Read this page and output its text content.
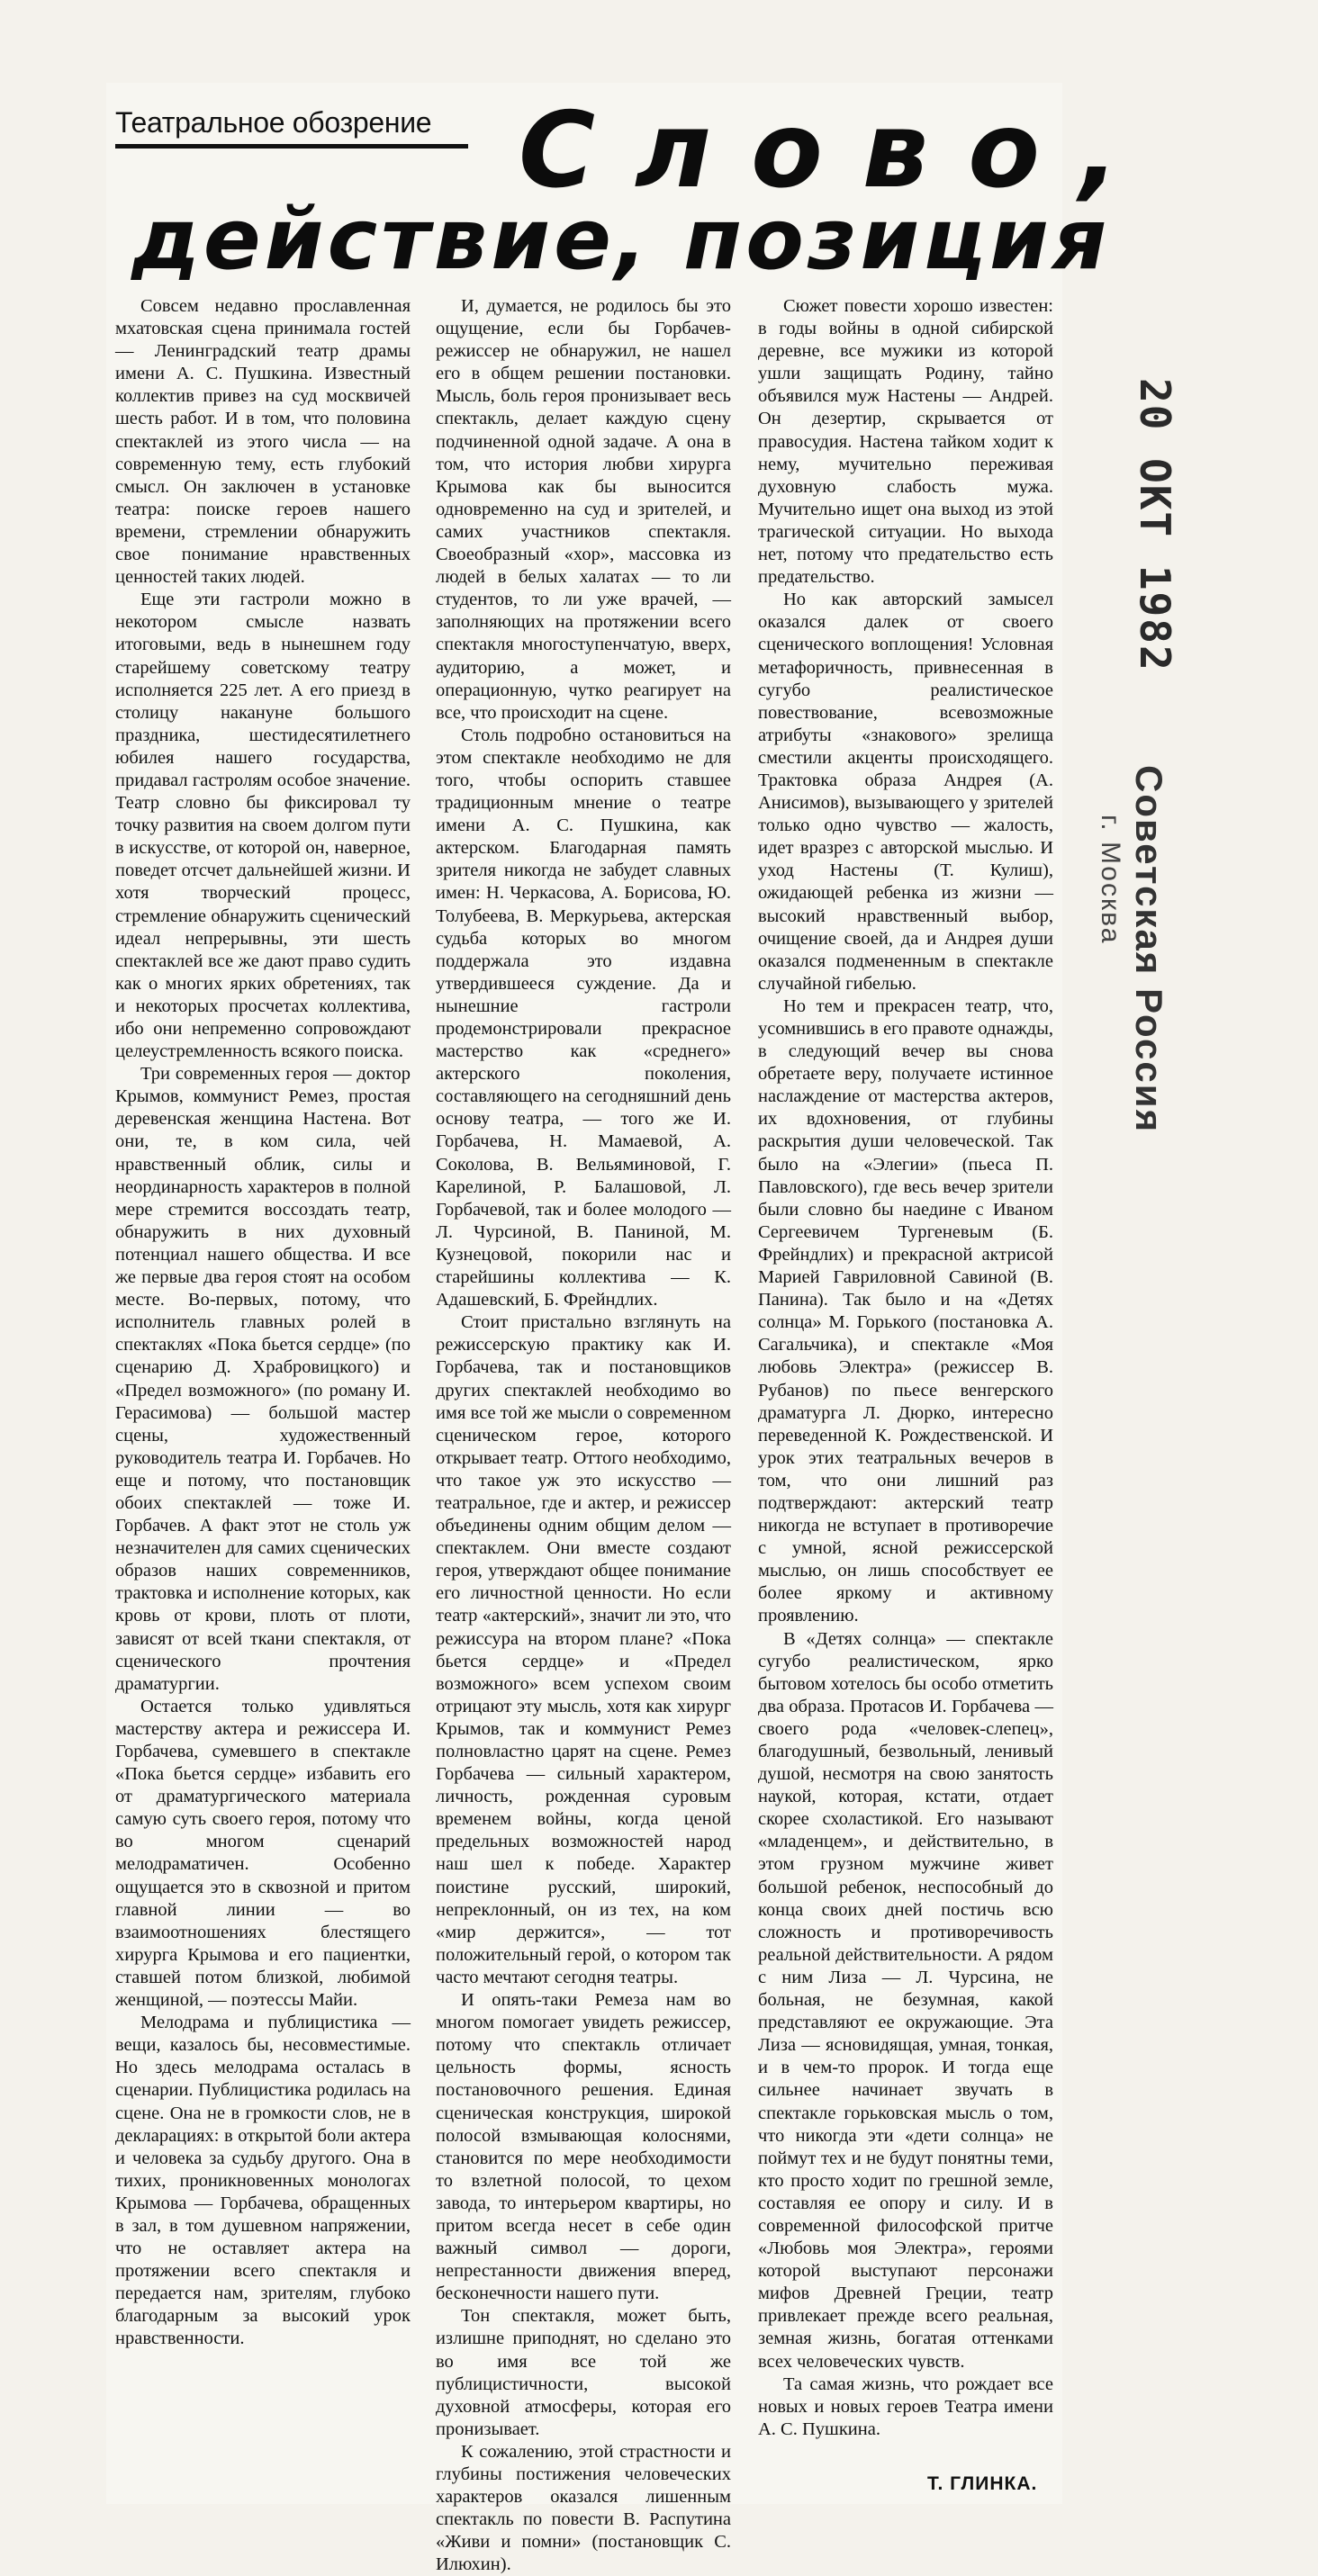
Театральное обозрение Слово,
действие, позиция

Совсем недавно прославленная мхатовская сцена принимала гостей — Ленинградский театр драмы имени А. С. Пушкина. Известный коллектив привез на суд москвичей шесть работ. И в том, что половина спектаклей из этого числа — на современную тему, есть глубокий смысл. Он заключен в установке театра: поиске героев нашего времени, стремлении обнаружить свое понимание нравственных ценностей таких людей.

Еще эти гастроли можно в некотором смысле назвать итоговыми, ведь в нынешнем году старейшему советскому театру исполняется 225 лет. А его приезд в столицу накануне большого праздника, шестидесятилетнего юбилея нашего государства, придавал гастролям особое значение. Театр словно бы фиксировал ту точку развития на своем долгом пути в искусстве, от которой он, наверное, поведет отсчет дальнейшей жизни. И хотя творческий процесс, стремление обнаружить сценический идеал непрерывны, эти шесть спектаклей все же дают право судить как о многих ярких обретениях, так и некоторых просчетах коллектива, ибо они непременно сопровождают целеустремленность всякого поиска.

Три современных героя — доктор Крымов, коммунист Ремез, простая деревенская женщина Настена. Вот они, те, в ком сила, чей нравственный облик, силы и неординарность характеров в полной мере стремится воссоздать театр, обнаружить в них духовный потенциал нашего общества. И все же первые два героя стоят на особом месте. Во-первых, потому, что исполнитель главных ролей в спектаклях «Пока бьется сердце» (по сценарию Д. Храбровицкого) и «Предел возможного» (по роману И. Герасимова) — большой мастер сцены, художественный руководитель театра И. Горбачев. Но еще и потому, что постановщик обоих спектаклей — тоже И. Горбачев. А факт этот не столь уж незначителен для самих сценических образов наших современников, трактовка и исполнение которых, как кровь от крови, плоть от плоти, зависят от всей ткани спектакля, от сценического прочтения драматургии.

Остается только удивляться мастерству актера и режиссера И. Горбачева, сумевшего в спектакле «Пока бьется сердце» избавить его от драматургического материала самую суть своего героя, потому что во многом сценарий мелодраматичен. Особенно ощущается это в сквозной и притом главной линии — во взаимоотношениях блестящего хирурга Крымова и его пациентки, ставшей потом близкой, любимой женщиной, — поэтессы Майи.

Мелодрама и публицистика — вещи, казалось бы, несовместимые. Но здесь мелодрама осталась в сценарии. Публицистика родилась на сцене. Она не в громкости слов, не в декларациях: в открытой боли актера и человека за судьбу другого. Она в тихих, проникновенных монологах Крымова — Горбачева, обращенных в зал, в том душевном напряжении, что не оставляет актера на протяжении всего спектакля и передается нам, зрителям, глубоко благодарным за высокий урок нравственности.

И, думается, не родилось бы это ощущение, если бы Горбачев-режиссер не обнаружил, не нашел его в общем решении постановки. Мысль, боль героя пронизывает весь спектакль, делает каждую сцену подчиненной одной задаче. А она в том, что история любви хирурга Крымова как бы выносится одновременно на суд и зрителей, и самих участников спектакля. Своеобразный «хор», массовка из людей в белых халатах — то ли студентов, то ли уже врачей, — заполняющих на протяжении всего спектакля многоступенчатую, вверх, аудиторию, а может, и операционную, чутко реагирует на все, что происходит на сцене.

Столь подробно остановиться на этом спектакле необходимо не для того, чтобы оспорить ставшее традиционным мнение о театре имени А. С. Пушкина, как актерском. Благодарная память зрителя никогда не забудет славных имен: Н. Черкасова, А. Борисова, Ю. Толубеева, В. Меркурьева, актерская судьба которых во многом поддержала это издавна утвердившееся суждение. Да и нынешние гастроли продемонстрировали прекрасное мастерство как «среднего» актерского поколения, составляющего на сегодняшний день основу театра, — того же И. Горбачева, Н. Мамаевой, А. Соколова, В. Вельяминовой, Г. Карелиной, Р. Балашовой, Л. Горбачевой, так и более молодого — Л. Чурсиной, В. Паниной, М. Кузнецовой, покорили нас и старейшины коллектива — К. Адашевский, Б. Фрейндлих.

Стоит пристально взглянуть на режиссерскую практику как И. Горбачева, так и постановщиков других спектаклей необходимо во имя все той же мысли о современном сценическом герое, которого открывает театр. Оттого необходимо, что такое уж это искусство — театральное, где и актер, и режиссер объединены одним общим делом — спектаклем. Они вместе создают героя, утверждают общее понимание его личностной ценности. Но если театр «актерский», значит ли это, что режиссура на втором плане? «Пока бьется сердце» и «Предел возможного» всем успехом своим отрицают эту мысль, хотя как хирург Крымов, так и коммунист Ремез полновластно царят на сцене. Ремез Горбачева — сильный характером, личность, рожденная суровым временем войны, когда ценой предельных возможностей народ наш шел к победе. Характер поистине русский, широкий, непреклонный, он из тех, на ком «мир держится», — тот положительный герой, о котором так часто мечтают сегодня театры.

И опять-таки Ремеза нам во многом помогает увидеть режиссер, потому что спектакль отличает цельность формы, ясность постановочного решения. Единая сценическая конструкция, широкой полосой взмывающая колоснями, становится по мере необходимости то взлетной полосой, то цехом завода, то интерьером квартиры, но притом всегда несет в себе один важный символ — дороги, непрестанности движения вперед, бесконечности нашего пути.

Тон спектакля, может быть, излишне приподнят, но сделано это во имя все той же публицистичности, высокой духовной атмосферы, которая его пронизывает.

К сожалению, этой страстности и глубины постижения человеческих характеров оказался лишенным спектакль по повести В. Распутина «Живи и помни» (постановщик С. Илюхин).

Сюжет повести хорошо известен: в годы войны в одной сибирской деревне, все мужики из которой ушли защищать Родину, тайно объявился муж Настены — Андрей. Он дезертир, скрывается от правосудия. Настена тайком ходит к нему, мучительно переживая духовную слабость мужа. Мучительно ищет она выход из этой трагической ситуации. Но выхода нет, потому что предательство есть предательство.

Но как авторский замысел оказался далек от своего сценического воплощения! Условная метафоричность, привнесенная в сугубо реалистическое повествование, всевозможные атрибуты «знакового» зрелища сместили акценты происходящего. Трактовка образа Андрея (А. Анисимов), вызывающего у зрителей только одно чувство — жалость, идет вразрез с авторской мыслью. И уход Настены (Т. Кулиш), ожидающей ребенка из жизни — высокий нравственный выбор, очищение своей, да и Андрея души оказался подмененным в спектакле случайной гибелью.

Но тем и прекрасен театр, что, усомнившись в его правоте однажды, в следующий вечер вы снова обретаете веру, получаете истинное наслаждение от мастерства актеров, их вдохновения, от глубины раскрытия души человеческой. Так было на «Элегии» (пьеса П. Павловского), где весь вечер зрители были словно бы наедине с Иваном Сергеевичем Тургеневым (Б. Фрейндлих) и прекрасной актрисой Марией Гавриловной Савиной (В. Панина). Так было и на «Детях солнца» М. Горького (постановка А. Сагальчика), и спектакле «Моя любовь Электра» (режиссер В. Рубанов) по пьесе венгерского драматурга Л. Дюрко, интересно переведенной К. Рождественской. И урок этих театральных вечеров в том, что они лишний раз подтверждают: актерский театр никогда не вступает в противоречие с умной, ясной режиссерской мыслью, он лишь способствует ее более яркому и активному проявлению.

В «Детях солнца» — спектакле сугубо реалистическом, ярко бытовом хотелось бы особо отметить два образа. Протасов И. Горбачева — своего рода «человек-слепец», благодушный, безвольный, ленивый душой, несмотря на свою занятость наукой, которая, кстати, отдает скорее схоластикой. Его называют «младенцем», и действительно, в этом грузном мужчине живет большой ребенок, неспособный до конца своих дней постичь всю сложность и противоречивость реальной действительности. А рядом с ним Лиза — Л. Чурсина, не больная, не безумная, какой представляют ее окружающие. Эта Лиза — ясновидящая, умная, тонкая, и в чем-то пророк. И тогда еще сильнее начинает звучать в спектакле горьковская мысль о том, что никогда эти «дети солнца» не поймут тех и не будут понятны теми, кто просто ходит по грешной земле, составляя ее опору и силу. И в современной философской притче «Любовь моя Электра», героями которой выступают персонажи мифов Древней Греции, театр привлекает прежде всего реальная, земная жизнь, богатая оттенками всех человеческих чувств.

Та самая жизнь, что рождает все новых и новых героев Театра имени А. С. Пушкина.

Т. ГЛИНКА.
20 ОКТ 1982
Советская Россия
г. Москва
